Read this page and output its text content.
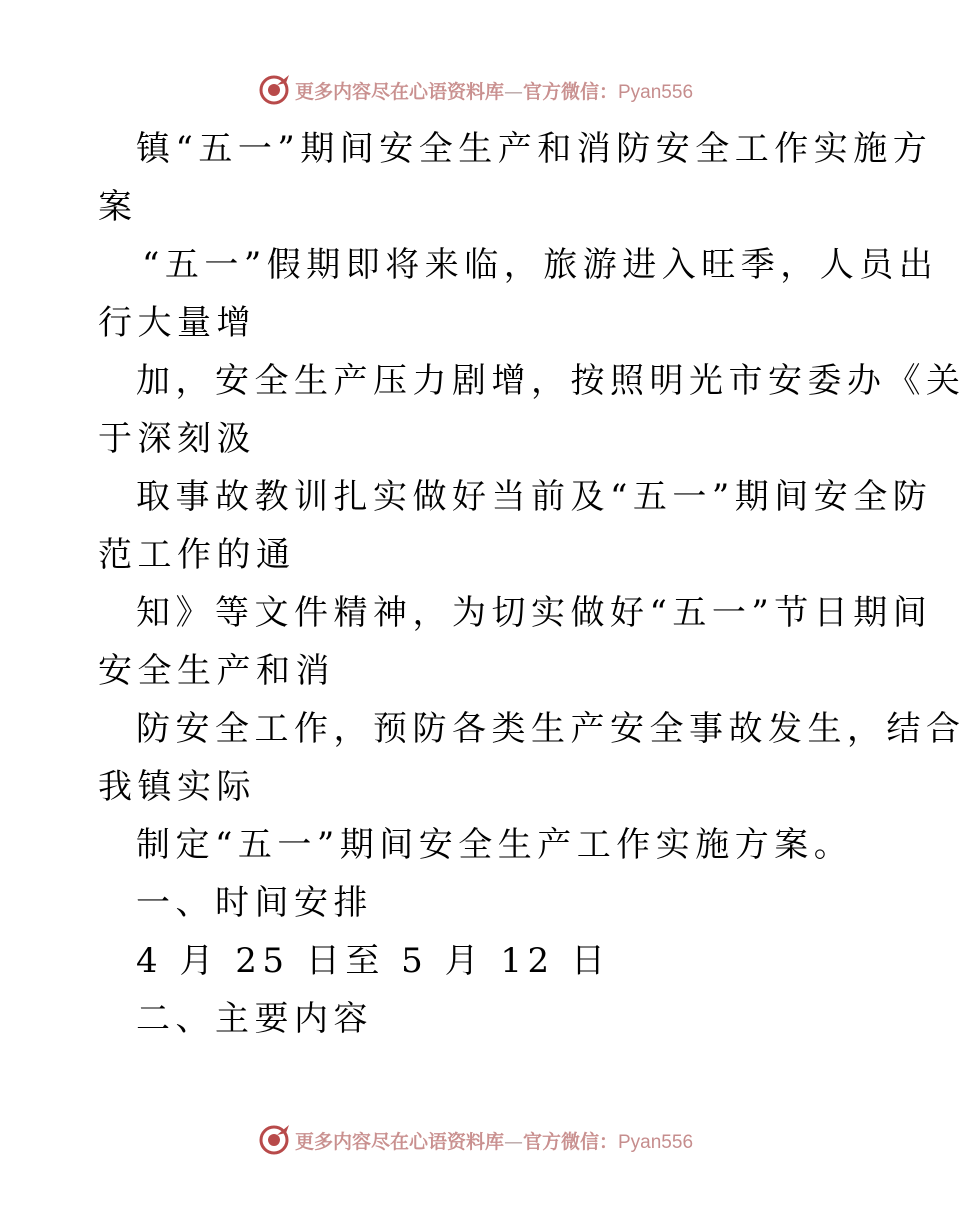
更多内容尽在心语资料库—官方微信：Pyan556
镇“五一”期间安全生产和消防安全工作实施方
案
“五一”假期即将来临，旅游进入旺季，人员出
行大量增
加，安全生产压力剧增，按照明光市安委办《关
于深刻汲
取事故教训扎实做好当前及“五一”期间安全防
范工作的通
知》等文件精神，为切实做好“五一”节日期间
安全生产和消
防安全工作，预防各类生产安全事故发生，结合
我镇实际
制定“五一”期间安全生产工作实施方案。
一、时间安排
4 月 25 日至 5 月 12 日
二、主要内容
更多内容尽在心语资料库—官方微信：Pyan556
